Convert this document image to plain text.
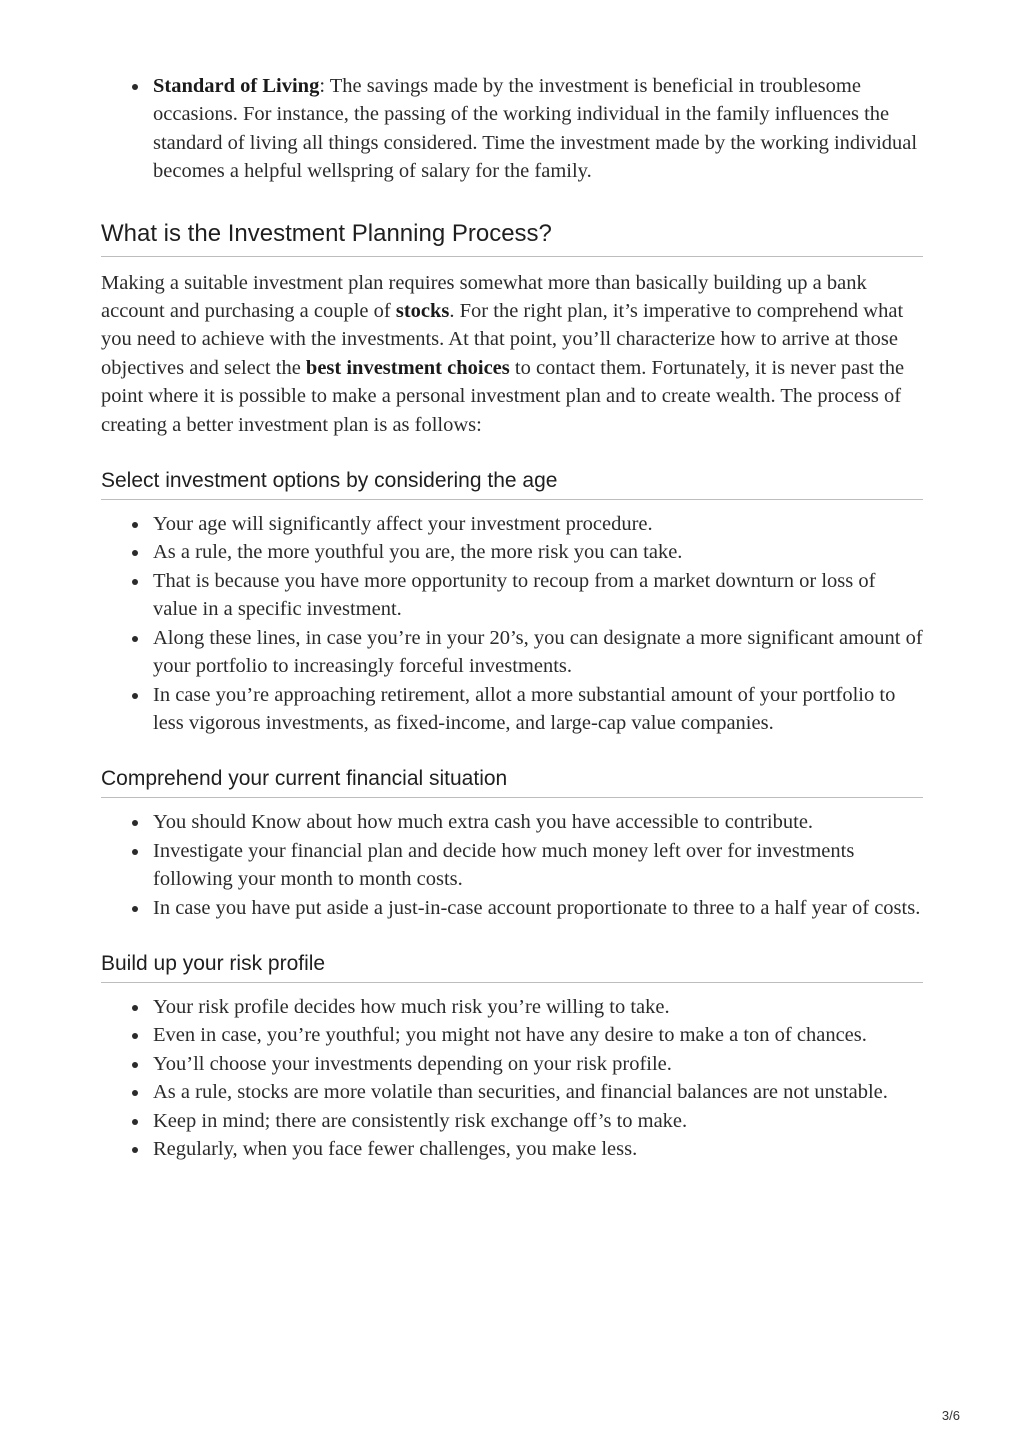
Standard of Living: The savings made by the investment is beneficial in troublesome occasions. For instance, the passing of the working individual in the family influences the standard of living all things considered. Time the investment made by the working individual becomes a helpful wellspring of salary for the family.
What is the Investment Planning Process?

Making a suitable investment plan requires somewhat more than basically building up a bank account and purchasing a couple of stocks. For the right plan, it’s imperative to comprehend what you need to achieve with the investments. At that point, you’ll characterize how to arrive at those objectives and select the best investment choices to contact them. Fortunately, it is never past the point where it is possible to make a personal investment plan and to create wealth. The process of creating a better investment plan is as follows:

Select investment options by considering the age
Your age will significantly affect your investment procedure.
As a rule, the more youthful you are, the more risk you can take.
That is because you have more opportunity to recoup from a market downturn or loss of value in a specific investment.
Along these lines, in case you’re in your 20’s, you can designate a more significant amount of your portfolio to increasingly forceful investments.
In case you’re approaching retirement, allot a more substantial amount of your portfolio to less vigorous investments, as fixed-income, and large-cap value companies.
Comprehend your current financial situation
You should Know about how much extra cash you have accessible to contribute.
Investigate your financial plan and decide how much money left over for investments following your month to month costs.
In case you have put aside a just-in-case account proportionate to three to a half year of costs.
Build up your risk profile
Your risk profile decides how much risk you’re willing to take.
Even in case, you’re youthful; you might not have any desire to make a ton of chances.
You’ll choose your investments depending on your risk profile.
As a rule, stocks are more volatile than securities, and financial balances are not unstable.
Keep in mind; there are consistently risk exchange off’s to make.
Regularly, when you face fewer challenges, you make less.
3/6
